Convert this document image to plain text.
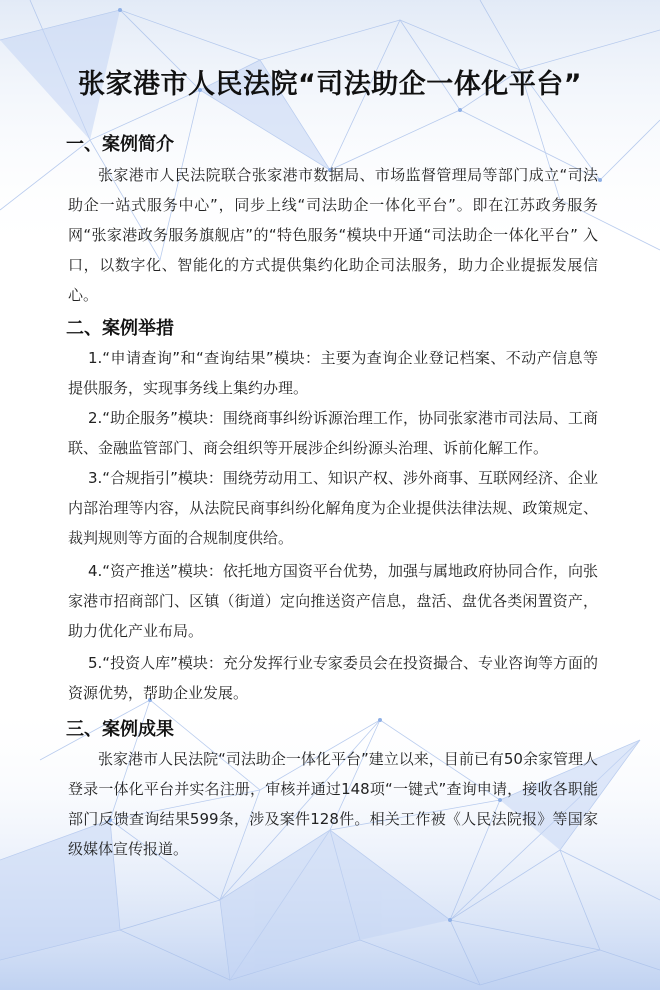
张家港市人民法院“司法助企一体化平台”
一、案例简介
张家港市人民法院联合张家港市数据局、市场监督管理局等部门成立“司法助企一站式服务中心”，同步上线“司法助企一体化平台”。即在江苏政务服务网“张家港政务服务旗舰店”的“特色服务“模块中开通“司法助企一体化平台” 入口，以数字化、智能化的方式提供集约化助企司法服务，助力企业提振发展信心。
二、案例举措
1.“申请查询”和“查询结果”模块：主要为查询企业登记档案、不动产信息等提供服务，实现事务线上集约办理。
2.“助企服务”模块：围绕商事纠纷诉源治理工作，协同张家港市司法局、工商联、金融监管部门、商会组织等开展涉企纠纷源头治理、诉前化解工作。
3.“合规指引”模块：围绕劳动用工、知识产权、涉外商事、互联网经济、企业内部治理等内容，从法院民商事纠纷化解角度为企业提供法律法规、政策规定、裁判规则等方面的合规制度供给。
4.“资产推送”模块：依托地方国资平台优势，加强与属地政府协同合作，向张家港市招商部门、区镇（街道）定向推送资产信息，盘活、盘优各类闲置资产，助力优化产业布局。
5.“投资人库”模块：充分发挥行业专家委员会在投资撮合、专业咨询等方面的资源优势，帮助企业发展。
三、案例成果
张家港市人民法院“司法助企一体化平台”建立以来，目前已有50余家管理人登录一体化平台并实名注册，审核并通过148项“一键式”查询申请，接收各职能部门反馈查询结果599条，涉及案件128件。相关工作被《人民法院报》等国家级媒体宣传报道。
